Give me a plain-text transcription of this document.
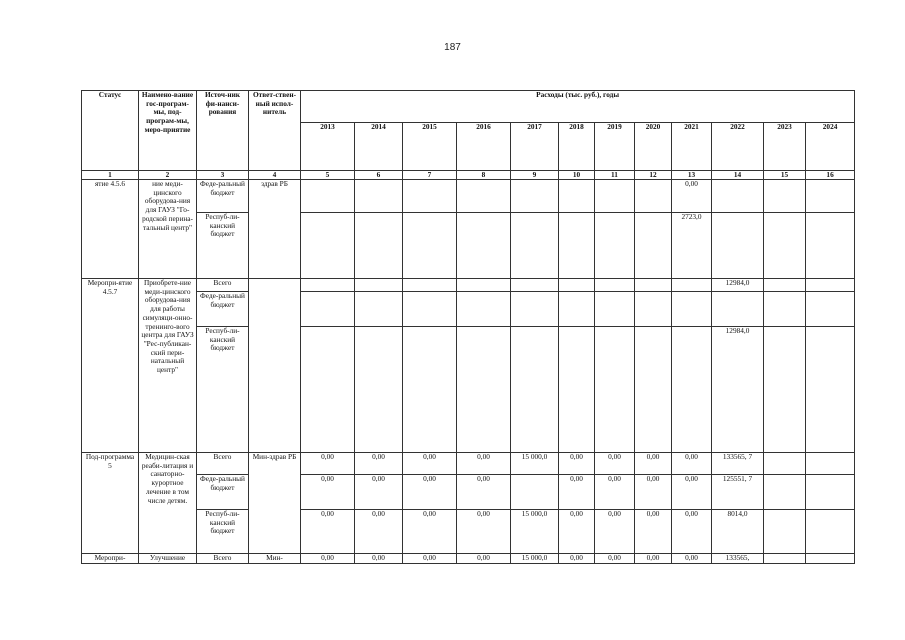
187
Статус	Наимено-вание гос-програм-мы, под-програм-мы, меро-приятие	Источ-ник фи-нанси-рования	Ответ-ствен-ный испол-нитель	Расходы (тыс. руб.), годы											
				2013	2014	2015	2016	2017	2018	2019	2020	2021	2022	2023	2024
1	2	3	4	5	6	7	8	9	10	11	12	13	14	15	16
ятие 4.5.6	ние меди-цинского оборудова-ния для ГАУЗ "Го-родской перина-тальный центр"	Феде-ральный бюджет	здрав РБ									0,00			
		Респуб-ли-канский бюджет										2723,0			
Меропри-ятие 4.5.7	Приобрете-ние меди-цинского оборудова-ния для работы симуляци-онно-тренинго-вого центра для ГАУЗ "Рес-публикан-ский пери-натальный центр"	Всего											12984,0		
		Феде-ральный бюджет													
		Респуб-ли-канский бюджет											12984,0		
Под-программа 5	Медицин-ская реаби-литация и санаторно-курортное лечение в том числе детям.	Всего	Мин-здрав РБ	0,00	0,00	0,00	0,00	15 000,0	0,00	0,00	0,00	0,00	133565, 7		
		Феде-ральный бюджет		0,00	0,00	0,00	0,00		0,00	0,00	0,00	0,00	125551, 7		
		Респуб-ли-канский бюджет		0,00	0,00	0,00	0,00	15 000,0	0,00	0,00	0,00	0,00	8014,0		
Меропри-	Улучшение	Всего	Мин-	0,00	0,00	0,00	0,00	15 000,0	0,00	0,00	0,00	0,00	133565,		
